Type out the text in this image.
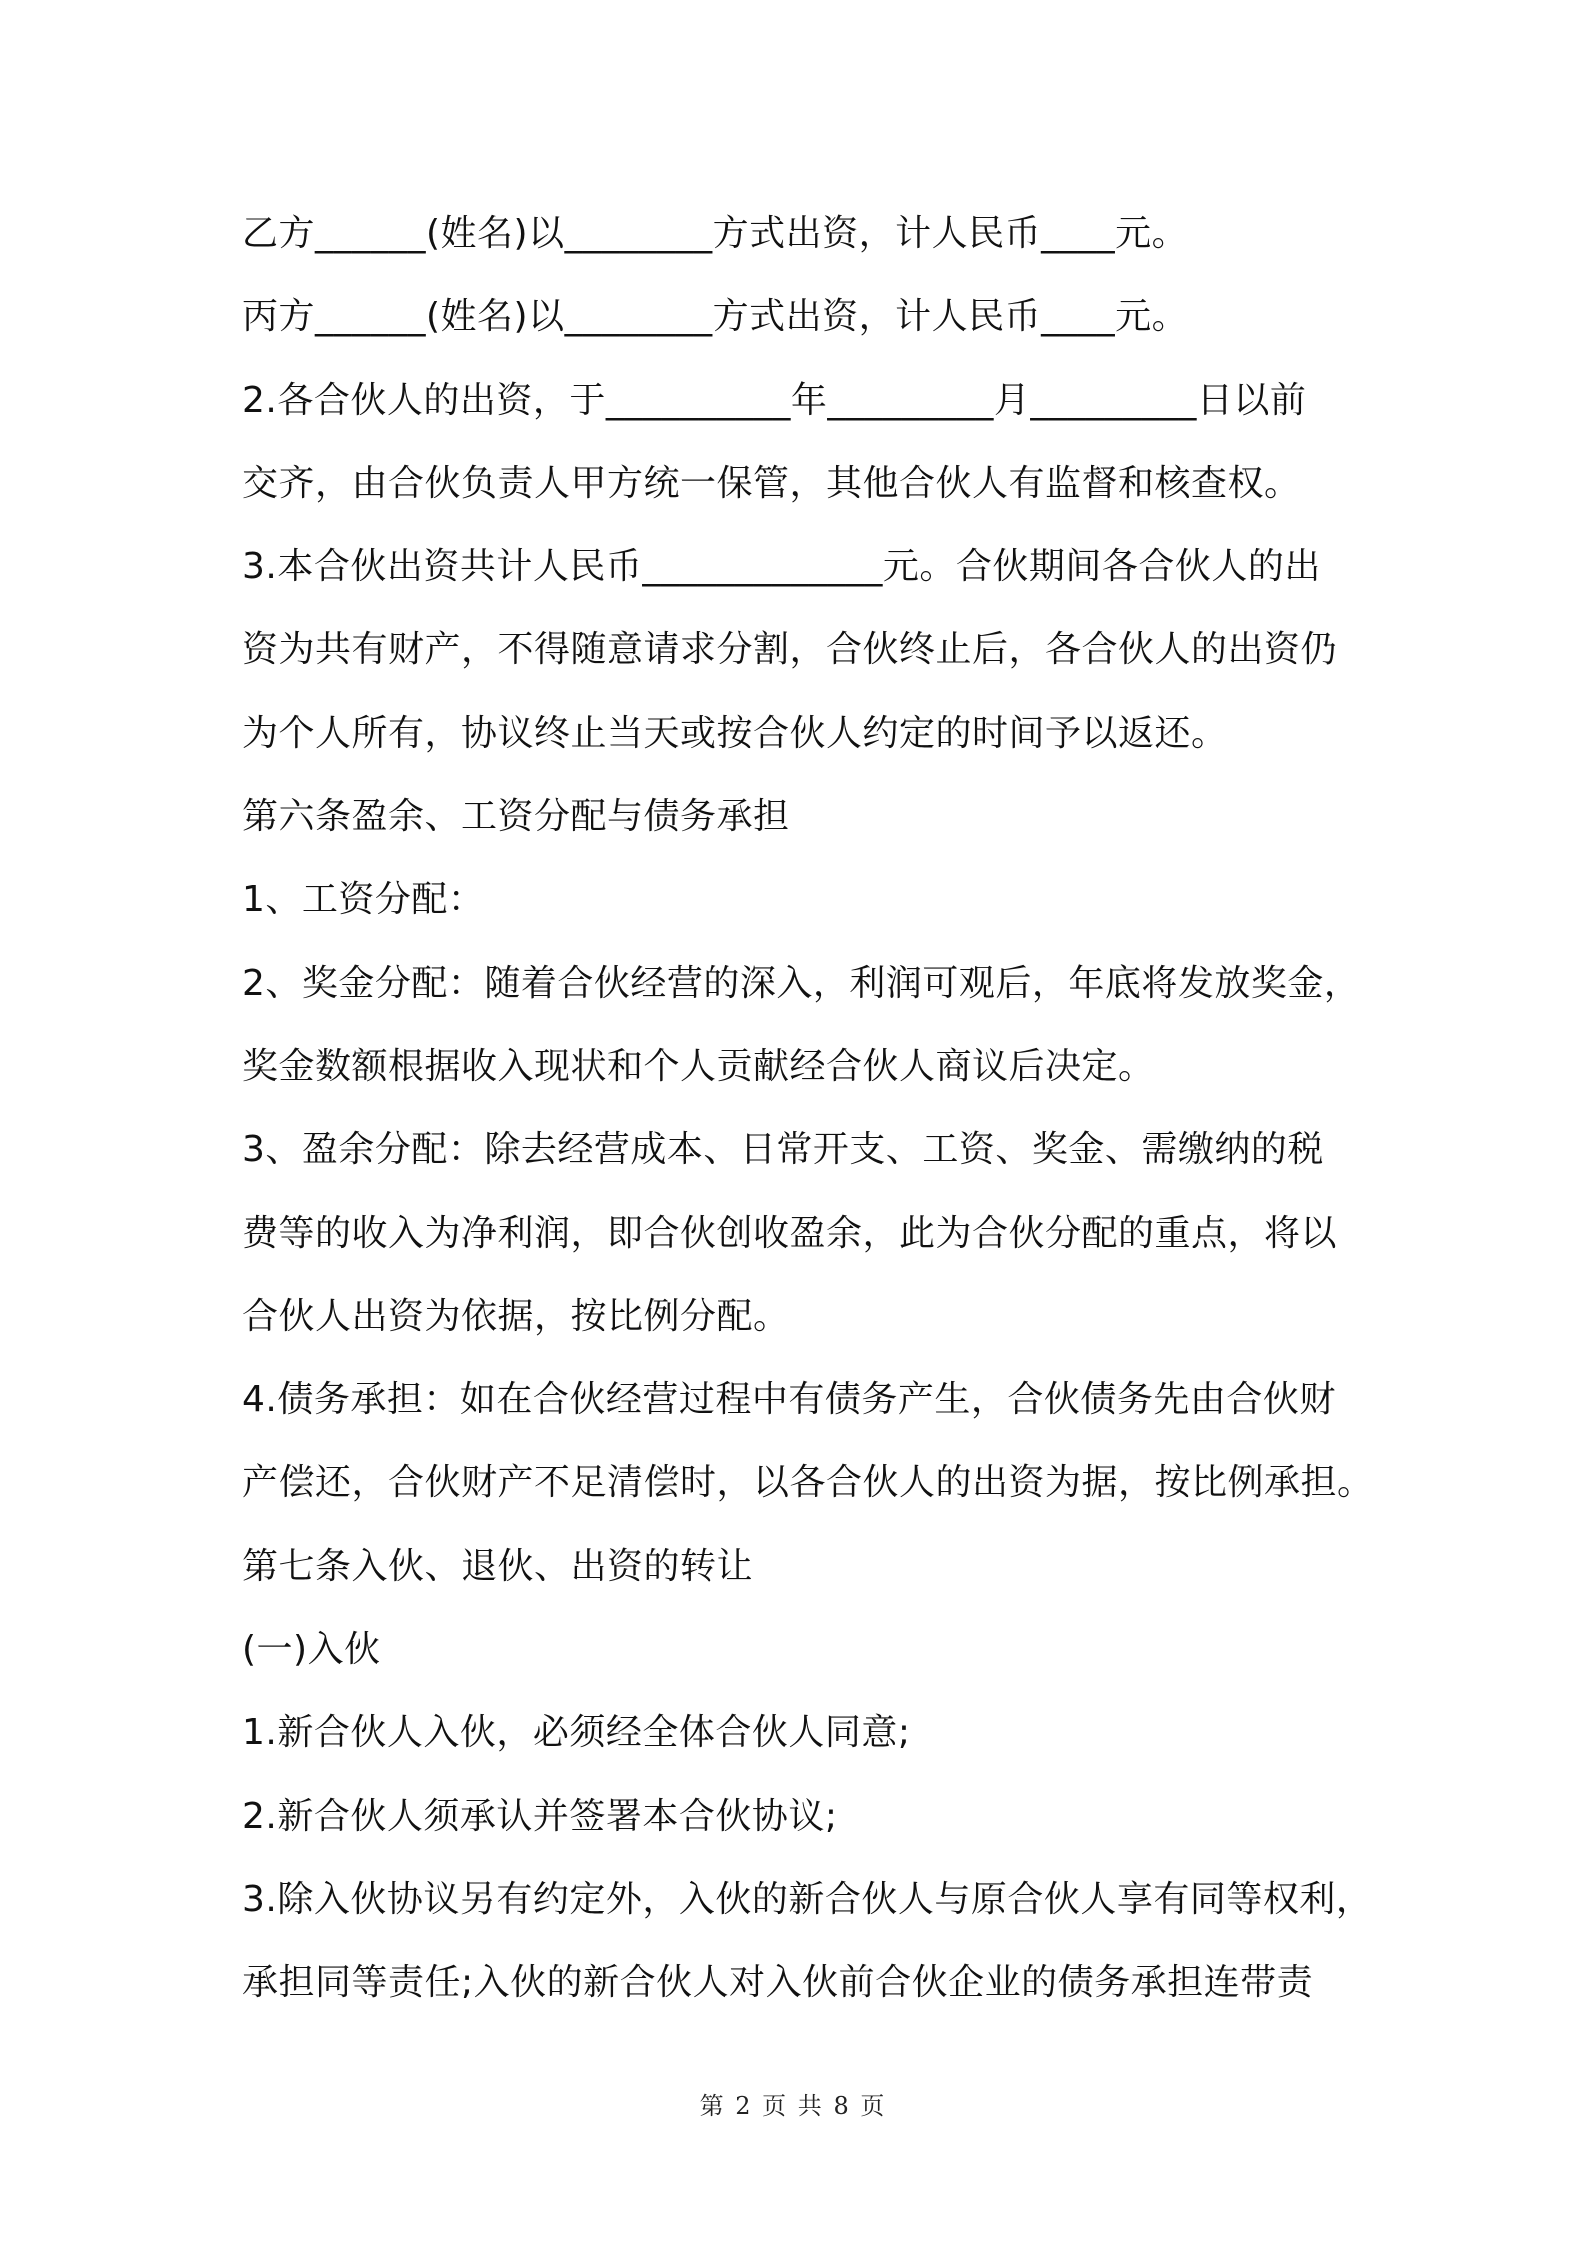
乙方______(姓名)以________方式出资，计人民币____元。
丙方______(姓名)以________方式出资，计人民币____元。
2.各合伙人的出资，于__________年_________月_________日以前
交齐，由合伙负责人甲方统一保管，其他合伙人有监督和核查权。
3.本合伙出资共计人民币_____________元。合伙期间各合伙人的出
资为共有财产，不得随意请求分割，合伙终止后，各合伙人的出资仍
为个人所有，协议终止当天或按合伙人约定的时间予以返还。
第六条盈余、工资分配与债务承担
1、工资分配：
2、奖金分配：随着合伙经营的深入，利润可观后，年底将发放奖金，
奖金数额根据收入现状和个人贡献经合伙人商议后决定。
3、盈余分配：除去经营成本、日常开支、工资、奖金、需缴纳的税
费等的收入为净利润，即合伙创收盈余，此为合伙分配的重点，将以
合伙人出资为依据，按比例分配。
4.债务承担：如在合伙经营过程中有债务产生，合伙债务先由合伙财
产偿还，合伙财产不足清偿时，以各合伙人的出资为据，按比例承担。
第七条入伙、退伙、出资的转让
(一)入伙
1.新合伙人入伙，必须经全体合伙人同意;
2.新合伙人须承认并签署本合伙协议;
3.除入伙协议另有约定外，入伙的新合伙人与原合伙人享有同等权利，
承担同等责任;入伙的新合伙人对入伙前合伙企业的债务承担连带责
第 2 页 共 8 页
